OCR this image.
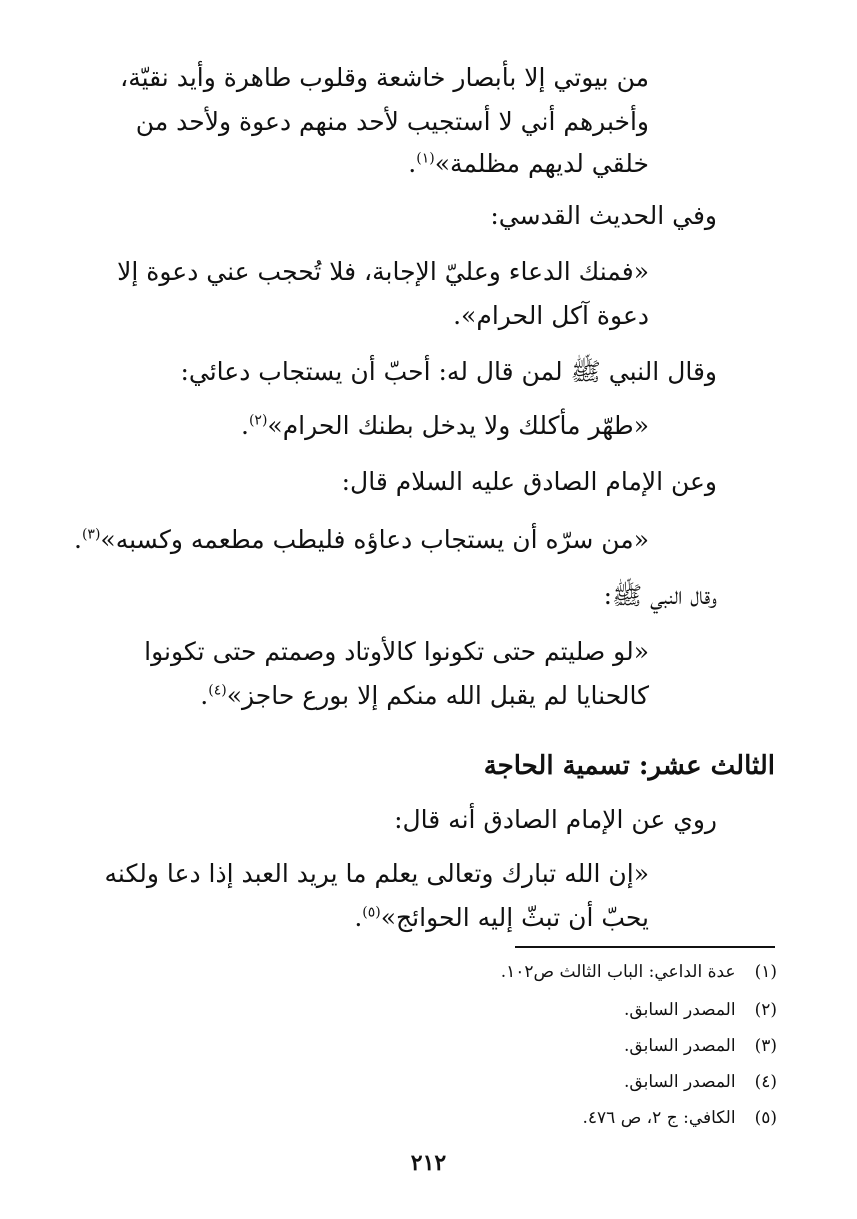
من بيوتي إلا بأبصار خاشعة وقلوب طاهرة وأيد نقيّة،
وأخبرهم أني لا أستجيب لأحد منهم دعوة ولأحد من
خلقي لديهم مظلمة»$^{(١)}$.
وفي الحديث القدسي:
«فمنك الدعاء وعليّ الإجابة، فلا تُحجب عني دعوة إلا
دعوة آكل الحرام».
وقال النبي ﷺ لمن قال له: أحبّ أن يستجاب دعائي:
«طهّر مأكلك ولا يدخل بطنك الحرام»$^{(٢)}$.
وعن الإمام الصادق عليه السلام قال:
«من سرّه أن يستجاب دعاؤه فليطب مطعمه وكسبه»$^{(٣)}$.
وقال النبي ﷺ:
«لو صليتم حتى تكونوا كالأوتاد وصمتم حتى تكونوا
كالحنايا لم يقبل الله منكم إلا بورع حاجز»$^{(٤)}$.
الثالث عشر: تسمية الحاجة
روي عن الإمام الصادق أنه قال:
«إن الله تبارك وتعالى يعلم ما يريد العبد إذا دعا ولكنه
يحبّ أن تبثّ إليه الحوائج»$^{(٥)}$.
(١) عدة الداعي: الباب الثالث ص١٠٢.
(٢) المصدر السابق.
(٣) المصدر السابق.
(٤) المصدر السابق.
(٥) الكافي: ج ٢، ص ٤٧٦.
٢١٢
